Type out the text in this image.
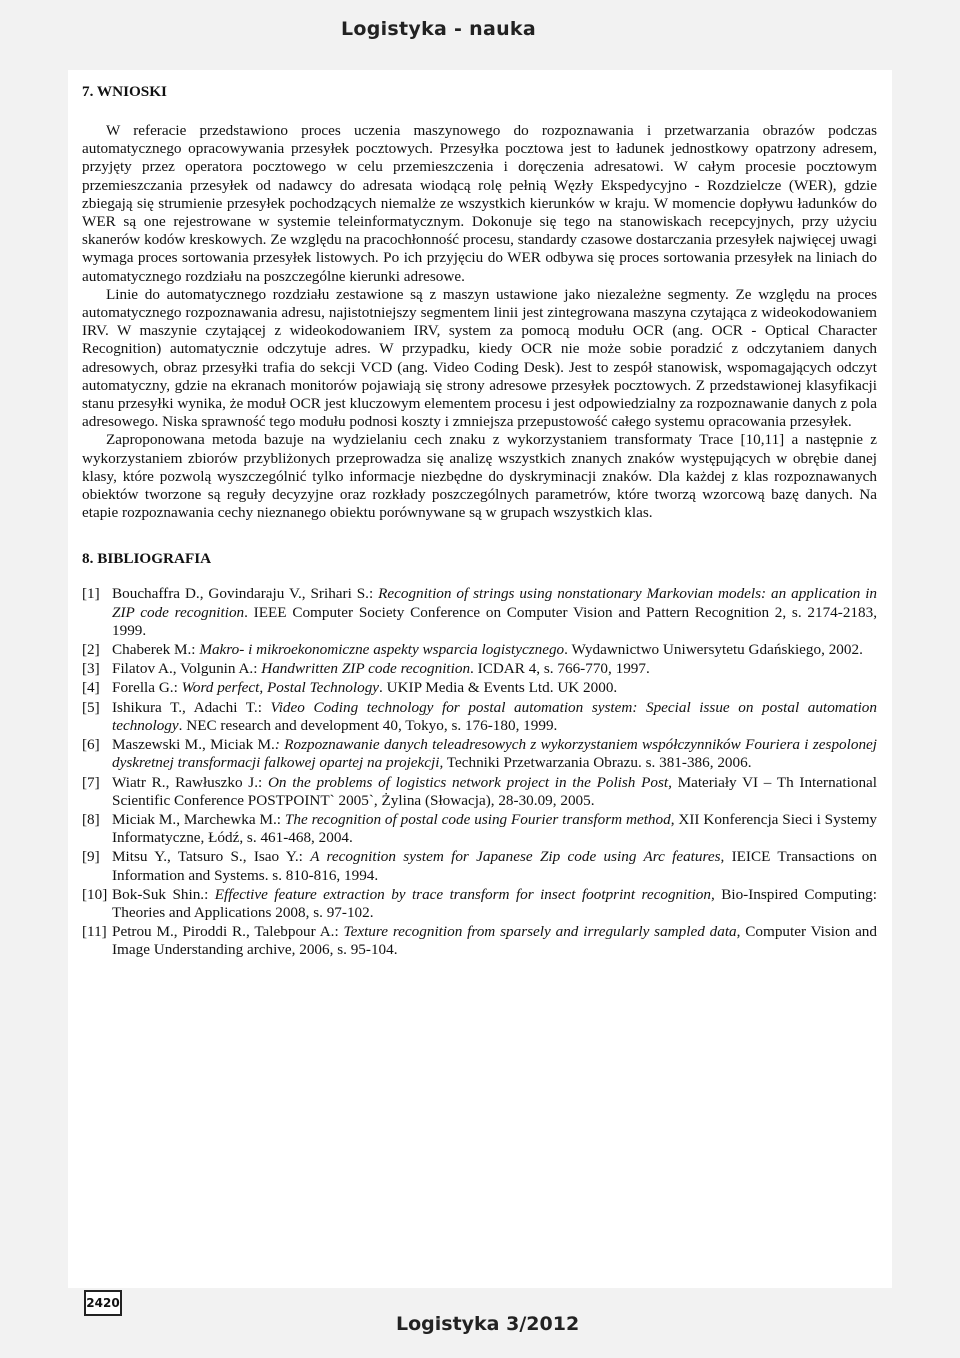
Logistyka - nauka
7. WNIOSKI

W referacie przedstawiono proces uczenia maszynowego do rozpoznawania i przetwarzania obrazów podczas automatycznego opracowywania przesyłek pocztowych. Przesyłka pocztowa jest to ładunek jednostkowy opatrzony adresem, przyjęty przez operatora pocztowego w celu przemieszczenia i doręczenia adresatowi. W całym procesie pocztowym przemieszczania przesyłek od nadawcy do adresata wiodącą rolę pełnią Węzły Ekspedycyjno - Rozdzielcze (WER), gdzie zbiegają się strumienie przesyłek pochodzących niemalże ze wszystkich kierunków w kraju. W momencie dopływu ładunków do WER są one rejestrowane w systemie teleinformatycznym. Dokonuje się tego na stanowiskach recepcyjnych, przy użyciu skanerów kodów kreskowych. Ze względu na pracochłonność procesu, standardy czasowe dostarczania przesyłek najwięcej uwagi wymaga proces sortowania przesyłek listowych. Po ich przyjęciu do WER odbywa się proces sortowania przesyłek na liniach do automatycznego rozdziału na poszczególne kierunki adresowe.

Linie do automatycznego rozdziału zestawione są z maszyn ustawione jako niezależne segmenty. Ze względu na proces automatycznego rozpoznawania adresu, najistotniejszy segmentem linii jest zintegrowana maszyna czytająca z wideokodowaniem IRV. W maszynie czytającej z wideokodowaniem IRV, system za pomocą modułu OCR (ang. OCR - Optical Character Recognition) automatycznie odczytuje adres. W przypadku, kiedy OCR nie może sobie poradzić z odczytaniem danych adresowych, obraz przesyłki trafia do sekcji VCD (ang. Video Coding Desk). Jest to zespół stanowisk, wspomagających odczyt automatyczny, gdzie na ekranach monitorów pojawiają się strony adresowe przesyłek pocztowych. Z przedstawionej klasyfikacji stanu przesyłki wynika, że moduł OCR jest kluczowym elementem procesu i jest odpowiedzialny za rozpoznawanie danych z pola adresowego. Niska sprawność tego modułu podnosi koszty i zmniejsza przepustowość całego systemu opracowania przesyłek.

Zaproponowana metoda bazuje na wydzielaniu cech znaku z wykorzystaniem transformaty Trace [10,11] a następnie z wykorzystaniem zbiorów przybliżonych przeprowadza się analizę wszystkich znanych znaków występujących w obrębie danej klasy, które pozwolą wyszczególnić tylko informacje niezbędne do dyskryminacji znaków. Dla każdej z klas rozpoznawanych obiektów tworzone są reguły decyzyjne oraz rozkłady poszczególnych parametrów, które tworzą wzorcową bazę danych. Na etapie rozpoznawania cechy nieznanego obiektu porównywane są w grupach wszystkich klas.

8. BIBLIOGRAFIA
[1] Bouchaffra D., Govindaraju V., Srihari S.: Recognition of strings using nonstationary Markovian models: an application in ZIP code recognition. IEEE Computer Society Conference on Computer Vision and Pattern Recognition 2, s. 2174-2183, 1999.
[2] Chaberek M.: Makro- i mikroekonomiczne aspekty wsparcia logistycznego. Wydawnictwo Uniwersytetu Gdańskiego, 2002.
[3] Filatov A., Volgunin A.: Handwritten ZIP code recognition. ICDAR 4, s. 766-770, 1997.
[4] Forella G.: Word perfect, Postal Technology. UKIP Media & Events Ltd. UK 2000.
[5] Ishikura T., Adachi T.: Video Coding technology for postal automation system: Special issue on postal automation technology. NEC research and development 40, Tokyo, s. 176-180, 1999.
[6] Maszewski M., Miciak M.: Rozpoznawanie danych teleadresowych z wykorzystaniem współczynników Fouriera i zespolonej dyskretnej transformacji falkowej opartej na projekcji, Techniki Przetwarzania Obrazu. s. 381-386, 2006.
[7] Wiatr R., Rawłuszko J.: On the problems of logistics network project in the Polish Post, Materiały VI – Th International Scientific Conference POSTPOINT` 2005`, Żylina (Słowacja), 28-30.09, 2005.
[8] Miciak M., Marchewka M.: The recognition of postal code using Fourier transform method, XII Konferencja Sieci i Systemy Informatyczne, Łódź, s. 461-468, 2004.
[9] Mitsu Y., Tatsuro S., Isao Y.: A recognition system for Japanese Zip code using Arc features, IEICE Transactions on Information and Systems. s. 810-816, 1994.
[10] Bok-Suk Shin.: Effective feature extraction by trace transform for insect footprint recognition, Bio-Inspired Computing: Theories and Applications 2008, s. 97-102.
[11] Petrou M., Piroddi R., Talebpour A.: Texture recognition from sparsely and irregularly sampled data, Computer Vision and Image Understanding archive, 2006, s. 95-104.
2420
Logistyka 3/2012
